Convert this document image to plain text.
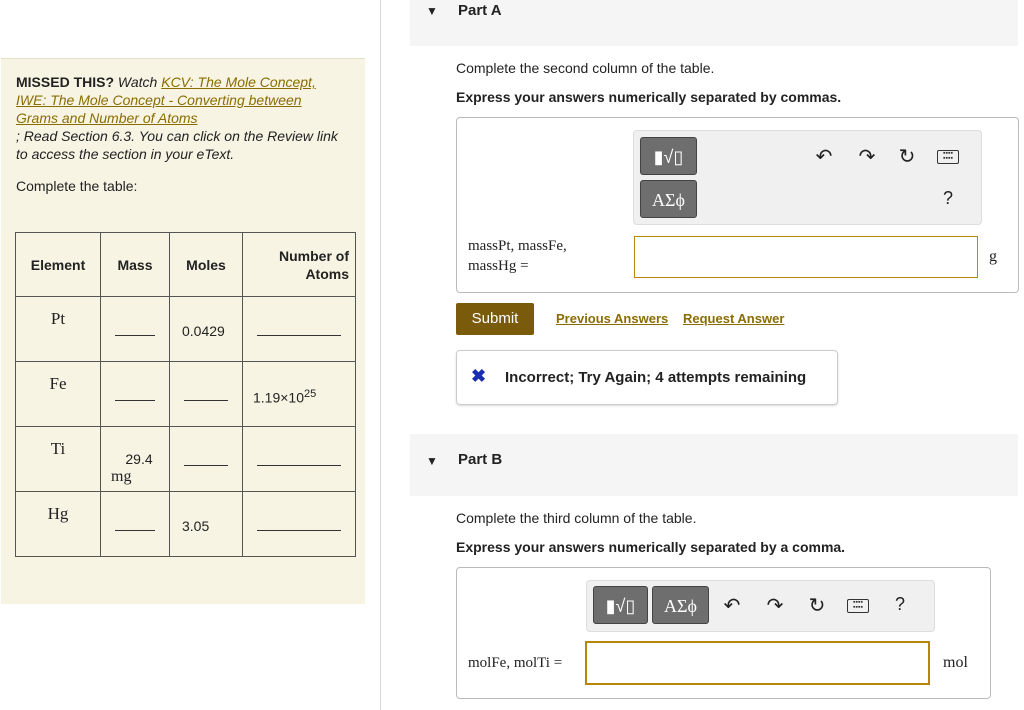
MISSED THIS? Watch KCV: The Mole Concept, IWE: The Mole Concept - Converting between Grams and Number of Atoms
; Read Section 6.3. You can click on the Review link to access the section in your eText.
Complete the table:
Element	Mass	Moles	Number of Atoms

Pt		0.0429	

Fe			$1.19\times 10^{25}$

Ti	29.4
mg		

Hg		3.05	

▼ Part A
Complete the second column of the table.
Express your answers numerically separated by commas.
▮√▯
ΑΣϕ
↶ ↷ ↻	▪▪▪▪
▪▪▪▪
?
massPt, massFe,
massHg =
g
Submit	Previous Answers Request Answer
✖ Incorrect; Try Again; 4 attempts remaining
▼ Part B
Complete the third column of the table.
Express your answers numerically separated by a comma.
▮√▯	ΑΣϕ	↶ ↷ ↻	▪▪▪▪
▪▪▪▪	?
molFe, molTi =	mol
